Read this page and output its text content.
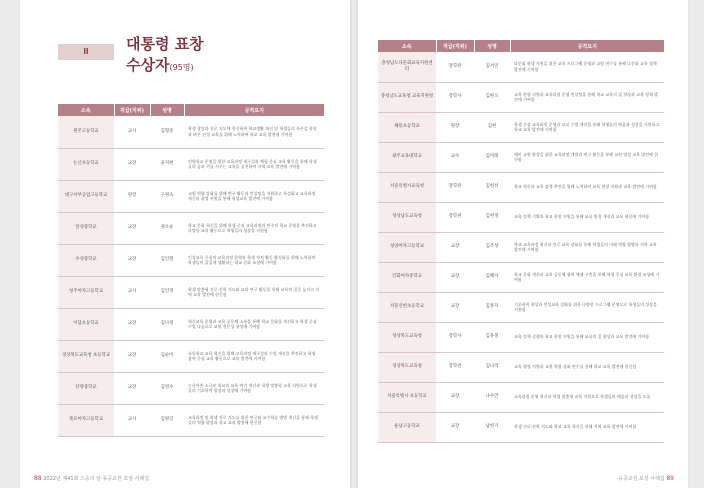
Ⅲ	대통령 표창
수상자(95명)
소속	직급(직위)	성명	공적요지
원주고등학교	교사	김형준	학생 상담과 진로 지도에 헌신하며 학교생활 개선 및 학생들의 자존감 향상과 바른 인성 교육을 위해 노력하여 학교 교육 발전에 기여함
논산초등학교	교장	윤지현	전원학교 운영을 위한 교육과정 재구성과 체험 중심 교육 활동을 통해 학생들의 꿈과 끼를 키우는 교육을 실천하여 지역 교육 발전에 기여함
대구서부공업고등학교	원장	구정숙	교원 역량 강화를 위해 연구 활동과 컨설팅을 지원하고 특성화고 교육과정 혁신과 취업 지원을 통해 직업교육 발전에 기여함
알성중학교	교장	권오순	학교 문화 혁신을 위해 학생 중심 교육과정과 민주적 학교 운영을 추진하고 다양한 교육 활동으로 학생들의 성장을 지원함
수성중학교	교장	김인철	인성교육 중심의 교육과정 운영과 학생 자치 활동 활성화를 위해 노력하여 학생들이 즐겁게 생활하는 학교 문화 조성에 기여함
청주여자고등학교	교사	김인정	학생 맞춤형 진로·진학 지도와 교과 연구 활동을 통해 교육의 질을 높이고 지역 교육 발전에 헌신함
이담초등학교	교장	김나정	혁신교육 운영과 교육 공동체 소통을 통해 학교 문화를 개선하고 학생 중심 수업 나눔으로 교원 전문성 향상에 기여함
경상북도교육청 초등학교	교장	김순미	초등학교 교육 혁신을 위해 교육과정 재구성과 수업 개선을 추진하고 학생 참여 중심 교육 활동으로 교육 발전에 기여함
단양중학교	교장	김영수	농산어촌 소규모 학교의 교육 여건 개선과 학생 맞춤형 교육 지원으로 학생들의 기초학력 향상과 성장에 기여함
목포여자고등학교	교사	김원일	교육과정 및 학생 진로 지도를 위한 연구와 교수학습 방법 개선을 통해 학생들의 역량 향상과 학교 교육 발전에 헌신함
88 2022년 제41회 스승의 날 유공교원 포상 사례집
소속	직급(직위)	성명	공적요지
충청남도다문화교육지원센터	장학관	김서연	다문화 학생 지원을 위한 교육 프로그램 운영과 교원 연수를 통해 다문화 교육 정책 발전에 기여함
충청남도교육청 교육지원청	장학사	김한오	교육 현장 지원과 교육과정 운영 컨설팅을 통해 학교 교육의 질 향상과 교육 정책 발전에 기여함
해룡초등학교	원장	김현	학생 중심 교육과정 운영과 교실 수업 개선을 통해 학생들의 배움과 성장을 지원하고 학교 교육 발전에 기여함
광주교육대학교	교수	김미래	예비 교원 양성을 위한 교육과정 개발과 연구 활동을 통해 교원 양성 교육 발전에 헌신함
서울특별시교육청	장학관	김현선	학교 혁신과 교육 정책 추진을 위해 노력하여 교육 현장 지원과 교육 발전에 기여함
경상남도교육청	장학관	김현정	교육 정책 기획과 학교 현장 지원을 통해 교육 환경 개선과 교육 혁신에 기여함
청양여자고등학교	교장	김주성	학교 교육과정 혁신과 진로 교육 강화를 통해 학생들의 미래 역량 함양과 지역 교육 발전에 기여함
인화여자중학교	교장	김혜자	학교 문화 개선과 교육 공동체 협력 체제 구축을 통해 학생 중심 교육 환경 조성에 기여함
서울신현초등학교	교장	김홍자	기초학력 향상과 인성교육 강화를 위한 다양한 프로그램 운영으로 학생들의 성장을 지원함
경상북도교육청	장학사	김홍철	교육 정책 실행과 학교 현장 지원을 통해 교육의 질 향상과 교육 발전에 기여함
경상북도교육청	장학관	김나리	교육 행정 지원과 교원 역량 강화 연수를 통해 학교 교육 발전에 헌신함
서울특별시 초등학교	교장	나수연	교육과정 운영 혁신과 학생 맞춤형 교육 지원으로 학생들의 배움과 성장을 도움
운남고등학교	교장	남헌기	학생 진로·진학 지도와 학교 교육 혁신을 통해 지역 교육 발전에 기여함
유공교원 포상 사례집 89
